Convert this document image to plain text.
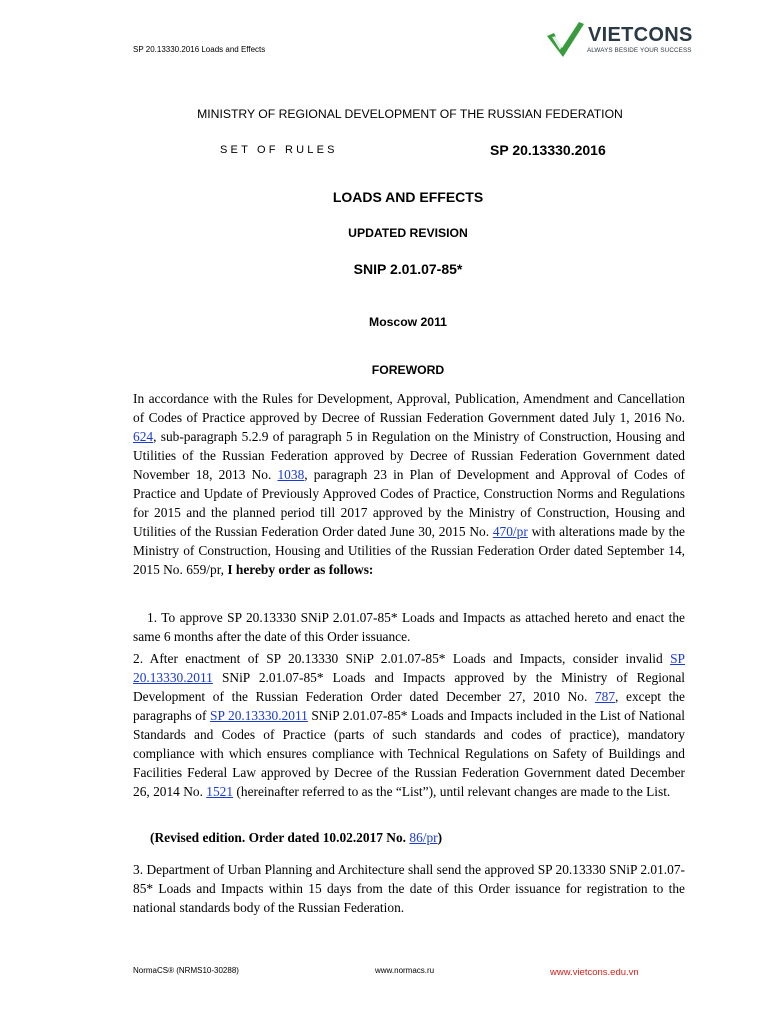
SP 20.13330.2016 Loads and Effects
VIETCONS
ALWAYS BESIDE YOUR SUCCESS
MINISTRY OF REGIONAL DEVELOPMENT OF THE RUSSIAN FEDERATION
SET OF RULES	SP 20.13330.2016
LOADS AND EFFECTS
UPDATED REVISION
SNIP 2.01.07-85*
Moscow 2011
FOREWORD
In accordance with the Rules for Development, Approval, Publication, Amendment and Cancellation of Codes of Practice approved by Decree of Russian Federation Government dated July 1, 2016 No. 624, sub-paragraph 5.2.9 of paragraph 5 in Regulation on the Ministry of Construction, Housing and Utilities of the Russian Federation approved by Decree of Russian Federation Government dated November 18, 2013 No. 1038, paragraph 23 in Plan of Development and Approval of Codes of Practice and Update of Previously Approved Codes of Practice, Construction Norms and Regulations for 2015 and the planned period till 2017 approved by the Ministry of Construction, Housing and Utilities of the Russian Federation Order dated June 30, 2015 No. 470/pr with alterations made by the Ministry of Construction, Housing and Utilities of the Russian Federation Order dated September 14, 2015 No. 659/pr, I hereby order as follows:
1. To approve SP 20.13330 SNiP 2.01.07-85* Loads and Impacts as attached hereto and enact the same 6 months after the date of this Order issuance.
2. After enactment of SP 20.13330 SNiP 2.01.07-85* Loads and Impacts, consider invalid SP 20.13330.2011 SNiP 2.01.07-85* Loads and Impacts approved by the Ministry of Regional Development of the Russian Federation Order dated December 27, 2010 No. 787, except the paragraphs of SP 20.13330.2011 SNiP 2.01.07-85* Loads and Impacts included in the List of National Standards and Codes of Practice (parts of such standards and codes of practice), mandatory compliance with which ensures compliance with Technical Regulations on Safety of Buildings and Facilities Federal Law approved by Decree of the Russian Federation Government dated December 26, 2014 No. 1521 (hereinafter referred to as the “List”), until relevant changes are made to the List.
(Revised edition. Order dated 10.02.2017 No. 86/pr)
3. Department of Urban Planning and Architecture shall send the approved SP 20.13330 SNiP 2.01.07-85* Loads and Impacts within 15 days from the date of this Order issuance for registration to the national standards body of the Russian Federation.
NormaCS® (NRMS10-30288)	www.normacs.ru	www.vietcons.edu.vn
